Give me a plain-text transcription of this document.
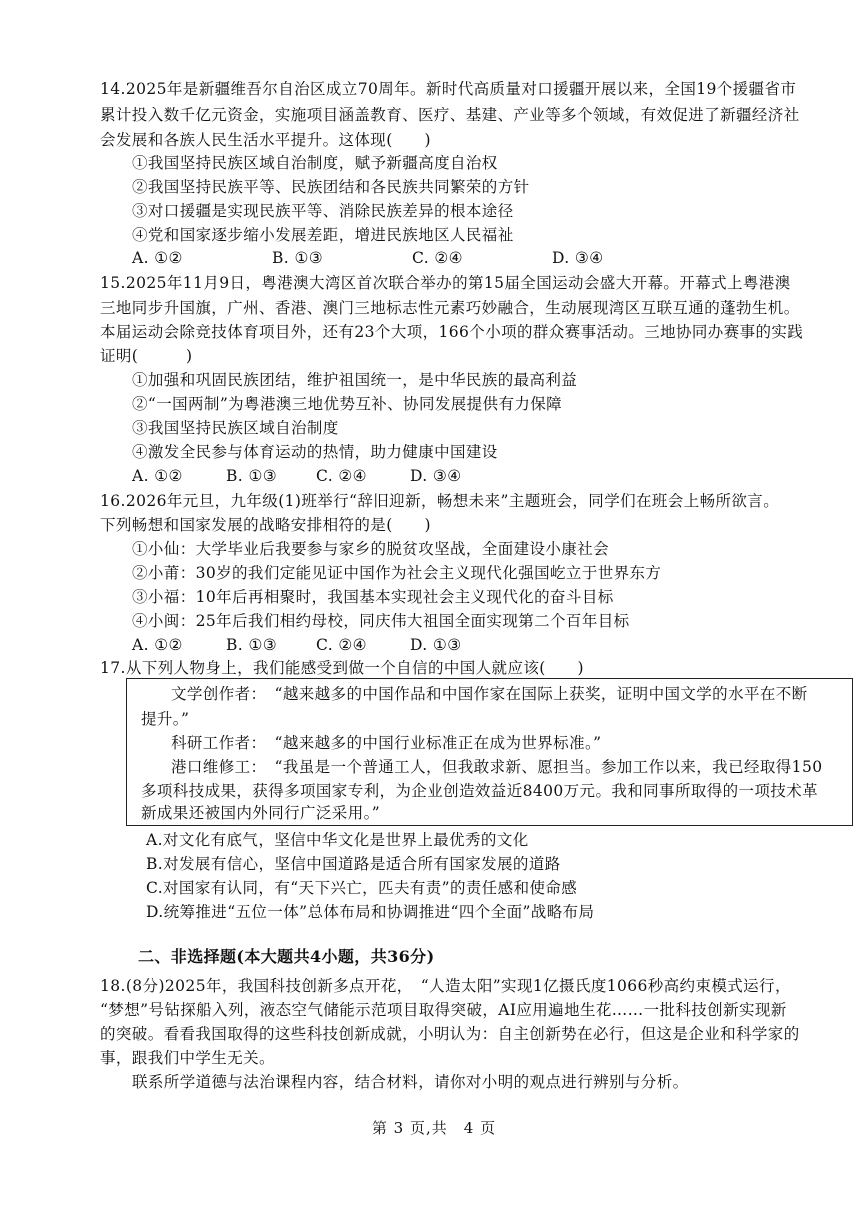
14.2025年是新疆维吾尔自治区成立70周年。新时代高质量对口援疆开展以来，全国19个援疆省市
累计投入数千亿元资金，实施项目涵盖教育、医疗、基建、产业等多个领域，有效促进了新疆经济社
会发展和各族人民生活水平提升。这体现(　　)
①我国坚持民族区域自治制度，赋予新疆高度自治权
②我国坚持民族平等、民族团结和各民族共同繁荣的方针
③对口援疆是实现民族平等、消除民族差异的根本途径
④党和国家逐步缩小发展差距，增进民族地区人民福祉
A. ①②	B. ①③	C. ②④	D. ③④
15.2025年11月9日，粤港澳大湾区首次联合举办的第15届全国运动会盛大开幕。开幕式上粤港澳
三地同步升国旗，广州、香港、澳门三地标志性元素巧妙融合，生动展现湾区互联互通的蓬勃生机。
本届运动会除竞技体育项目外，还有23个大项，166个小项的群众赛事活动。三地协同办赛事的实践
证明(　　　)
①加强和巩固民族团结，维护祖国统一，是中华民族的最高利益
②“一国两制”为粤港澳三地优势互补、协同发展提供有力保障
③我国坚持民族区域自治制度
④激发全民参与体育运动的热情，助力健康中国建设
A. ①②	B. ①③	C. ②④	D. ③④
16.2026年元旦，九年级(1)班举行“辞旧迎新，畅想未来”主题班会，同学们在班会上畅所欲言。
下列畅想和国家发展的战略安排相符的是(　　)
①小仙：大学毕业后我要参与家乡的脱贫攻坚战，全面建设小康社会
②小莆：30岁的我们定能见证中国作为社会主义现代化强国屹立于世界东方
③小福：10年后再相聚时，我国基本实现社会主义现代化的奋斗目标
④小闽：25年后我们相约母校，同庆伟大祖国全面实现第二个百年目标
A. ①②	B. ①③	C. ②④	D. ①③
17.从下列人物身上，我们能感受到做一个自信的中国人就应该(　　)
文学创作者：　“越来越多的中国作品和中国作家在国际上获奖，证明中国文学的水平在不断
提升。”
科研工作者：　“越来越多的中国行业标准正在成为世界标准。”
港口维修工：　“我虽是一个普通工人，但我敢求新、愿担当。参加工作以来，我已经取得150
多项科技成果，获得多项国家专利，为企业创造效益近8400万元。我和同事所取得的一项技术革
新成果还被国内外同行广泛采用。”
A.对文化有底气，坚信中华文化是世界上最优秀的文化
B.对发展有信心，坚信中国道路是适合所有国家发展的道路
C.对国家有认同，有“天下兴亡，匹夫有责”的责任感和使命感
D.统筹推进“五位一体”总体布局和协调推进“四个全面”战略布局
二、非选择题(本大题共4小题，共36分)
18.(8分)2025年，我国科技创新多点开花，　“人造太阳”实现1亿摄氏度1066秒高约束模式运行，
“梦想”号钻探船入列，液态空气储能示范项目取得突破，AI应用遍地生花……一批科技创新实现新
的突破。看看我国取得的这些科技创新成就，小明认为：自主创新势在必行，但这是企业和科学家的
事，跟我们中学生无关。
联系所学道德与法治课程内容，结合材料，请你对小明的观点进行辨别与分析。
第 3 页,共　4 页
